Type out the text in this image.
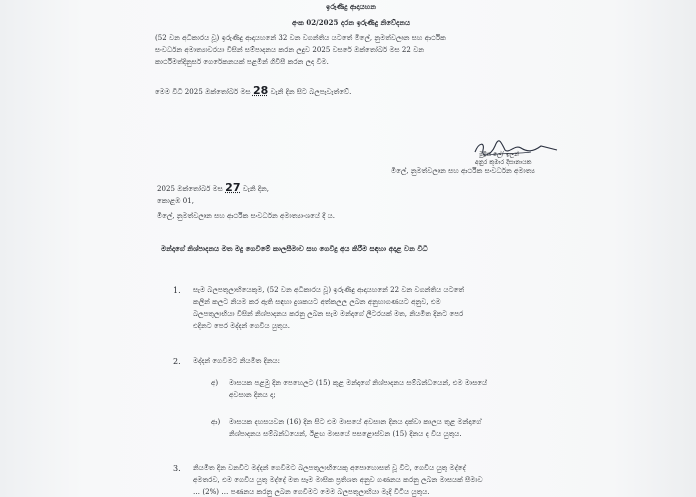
ඉරුණිදු ආදායහන
අංක 02/2025 දරන ඉරුණිදු නිවේදනය
(52 වන අධිකාරය වූ) ඉරුණිදු ආදායහනේ 32 වන වගන්තිය යටතේ මිලේ, නුමත්වලෘන සහ ආර්ථික
සංවර්ධන අමාත්‍යාවරයා විසින් සම්පාදනය කරන ලදුව 2025 වසරේ ඔක්තෝබර් මස 22 වන
කාර්ථිමත්දිනුසර් ගෙරේකනයක් පළමින් ගිවිසී කරන ලද වීම.
මෙම විධි 2025 ඔක්තෝබර් මස 28 වැනි දින සිට බලපැවැත්වේ.
මුද්‍රිත ලේ/ ඉලන්
අනුර කුමාර දිසානායක
මිලේ, නුමත්වලෘන සහ ආර්ථික සංවර්ධන අමාත්‍ය
2025 ඔක්තෝබර් මස 27 වැනි දින,
කොළඹ 01,
මිලේ, නුමත්වලෘන සහ ආර්ථික සංවර්ධන අමාත්‍යාංශයේ දී ය.
මන්දාගේ නිශ්පාදනය මත මදු ගෙවීමේ කාලසීමාව සහ ගෙවිදු අය කිරීම සඳහා අදාළ වන විධි
1. සැම බලපතුලාභියෙකුම, (52 වන අධිකාරය වූ) ඉරුණිදු ආදායහනේ 22 වන වගන්තිය යටතේ
කලින් කලට නියම කර ඇති සඳහා දුශකයට අත්කලල ලබන අනුහාගණයට අනුව, එම
බලපතුලාභියා විසින් නිශ්පාදනය කරනු ලබන සැම මන්දාගේ ලීටරයක් මත, නියමිත දිනට පෙර
එදිනට පෙර මද්දන් ගෙවිය යුතුය.
2. මද්දන් ගෙවීමට නියමිත දිනය:
අ) මාසයක පළමු දින පෙහෙලට (15) කුළ මන්දාගේ නිශ්පාදනය සම්බන්ධයෙන්, එම මාසයේ
අවසාන දිනය ද;
ආ) මාසයක දහසයවන (16) දින සිට එම මාසයේ අවසාන දිනය දක්වා කාලය තුළ මන්දාගේ
නිශ්පාදනය සම්බන්ධයෙන්, ඊළඟ මාසයේ පසළොස්වන (15) දිනය ද විය යුතුය.
3. නියමිත දින වනවිට මද්දන් ගෙවීමට බලපතුලාභියෙකු අපොහොසත් වූ විට, ගෙවිය යුතු මද්දේ
අමතරව, එම ගෙවිය යුතු මද්දේ මත සෑම මාසික ප්‍රතිශත අනුව ගණනය කරනු ලබන මාසයක් සීමාව
… (2%) … පණනය කරනු ලබන ගෙවීමට මෙම බලපතුලාභියා මැදි විටිය යුතුය.
